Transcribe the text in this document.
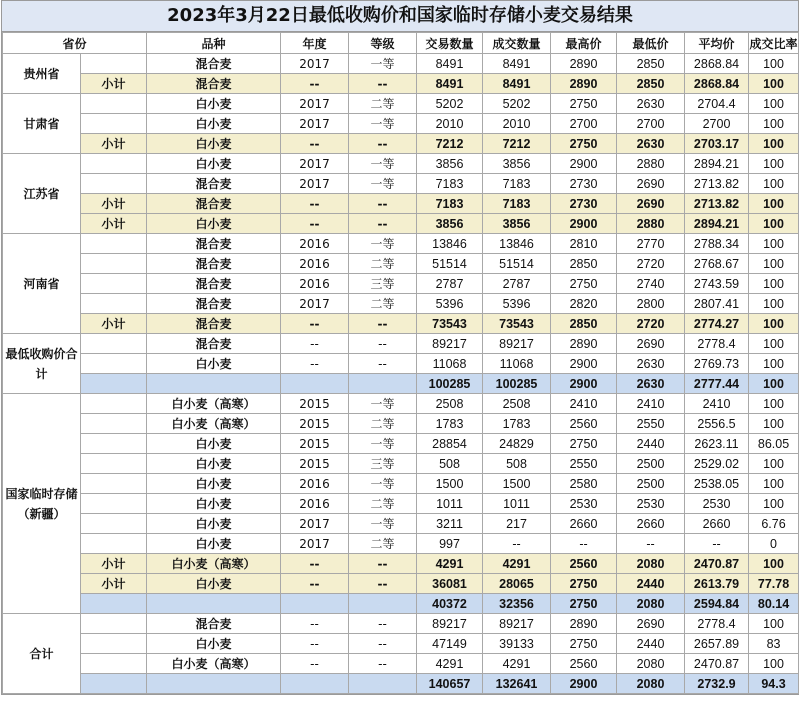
2023年3月22日最低收购价和国家临时存储小麦交易结果
省份		品种	年度	等级	交易数量	成交数量	最高价	最低价	平均价	成交比率
贵州省		混合麦	2017	一等	8491	8491	2890	2850	2868.84	100
	小计	混合麦	--	--	8491	8491	2890	2850	2868.84	100
甘肃省		白小麦	2017	二等	5202	5202	2750	2630	2704.4	100
		白小麦	2017	一等	2010	2010	2700	2700	2700	100
	小计	白小麦	--	--	7212	7212	2750	2630	2703.17	100
江苏省		白小麦	2017	一等	3856	3856	2900	2880	2894.21	100
		混合麦	2017	一等	7183	7183	2730	2690	2713.82	100
	小计	混合麦	--	--	7183	7183	2730	2690	2713.82	100
	小计	白小麦	--	--	3856	3856	2900	2880	2894.21	100
河南省		混合麦	2016	一等	13846	13846	2810	2770	2788.34	100
		混合麦	2016	二等	51514	51514	2850	2720	2768.67	100
		混合麦	2016	三等	2787	2787	2750	2740	2743.59	100
		混合麦	2017	二等	5396	5396	2820	2800	2807.41	100
	小计	混合麦	--	--	73543	73543	2850	2720	2774.27	100
最低收购价合计		混合麦	--	--	89217	89217	2890	2690	2778.4	100
		白小麦	--	--	11068	11068	2900	2630	2769.73	100
					100285	100285	2900	2630	2777.44	100
国家临时存储（新疆）		白小麦（高寒）	2015	一等	2508	2508	2410	2410	2410	100
		白小麦（高寒）	2015	二等	1783	1783	2560	2550	2556.5	100
		白小麦	2015	一等	28854	24829	2750	2440	2623.11	86.05
		白小麦	2015	三等	508	508	2550	2500	2529.02	100
		白小麦	2016	一等	1500	1500	2580	2500	2538.05	100
		白小麦	2016	二等	1011	1011	2530	2530	2530	100
		白小麦	2017	一等	3211	217	2660	2660	2660	6.76
		白小麦	2017	二等	997	--	--	--	--	0
	小计	白小麦（高寒）	--	--	4291	4291	2560	2080	2470.87	100
	小计	白小麦	--	--	36081	28065	2750	2440	2613.79	77.78
					40372	32356	2750	2080	2594.84	80.14
合计		混合麦	--	--	89217	89217	2890	2690	2778.4	100
		白小麦	--	--	47149	39133	2750	2440	2657.89	83
		白小麦（高寒）	--	--	4291	4291	2560	2080	2470.87	100
					140657	132641	2900	2080	2732.9	94.3
